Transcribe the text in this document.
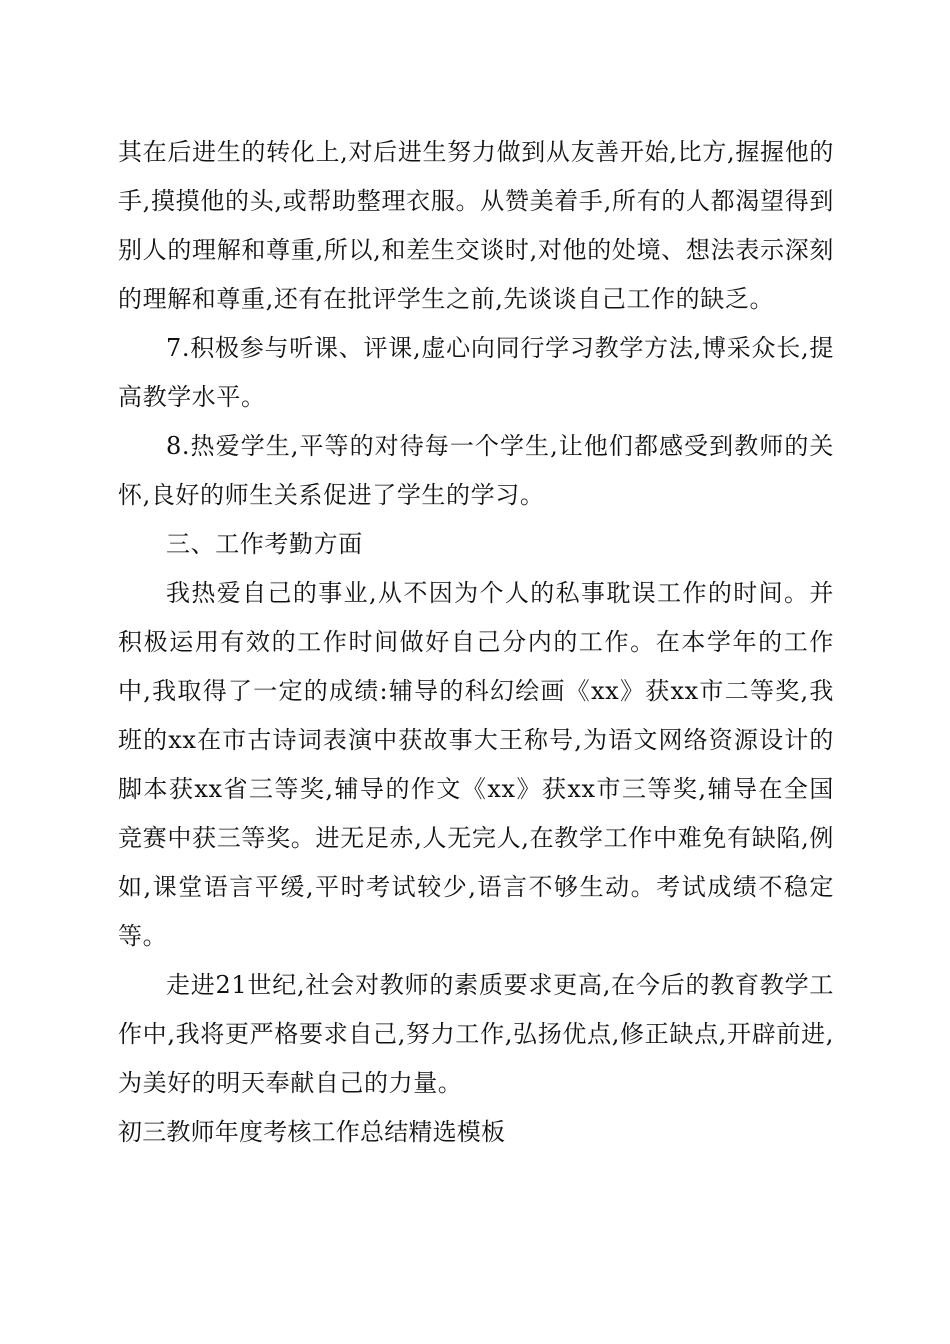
其在后进生的转化上,对后进生努力做到从友善开始,比方,握握他的手,摸摸他的头,或帮助整理衣服。从赞美着手,所有的人都渴望得到别人的理解和尊重,所以,和差生交谈时,对他的处境、想法表示深刻的理解和尊重,还有在批评学生之前,先谈谈自己工作的缺乏。

7.积极参与听课、评课,虚心向同行学习教学方法,博采众长,提高教学水平。

8.热爱学生,平等的对待每一个学生,让他们都感受到教师的关怀,良好的师生关系促进了学生的学习。

三、工作考勤方面

我热爱自己的事业,从不因为个人的私事耽误工作的时间。并积极运用有效的工作时间做好自己分内的工作。在本学年的工作中,我取得了一定的成绩:辅导的科幻绘画《xx》获xx市二等奖,我班的xx在市古诗词表演中获故事大王称号,为语文网络资源设计的脚本获xx省三等奖,辅导的作文《xx》获xx市三等奖,辅导在全国竞赛中获三等奖。进无足赤,人无完人,在教学工作中难免有缺陷,例如,课堂语言平缓,平时考试较少,语言不够生动。考试成绩不稳定等。

走进21世纪,社会对教师的素质要求更高,在今后的教育教学工作中,我将更严格要求自己,努力工作,弘扬优点,修正缺点,开辟前进,为美好的明天奉献自己的力量。

初三教师年度考核工作总结精选模板
